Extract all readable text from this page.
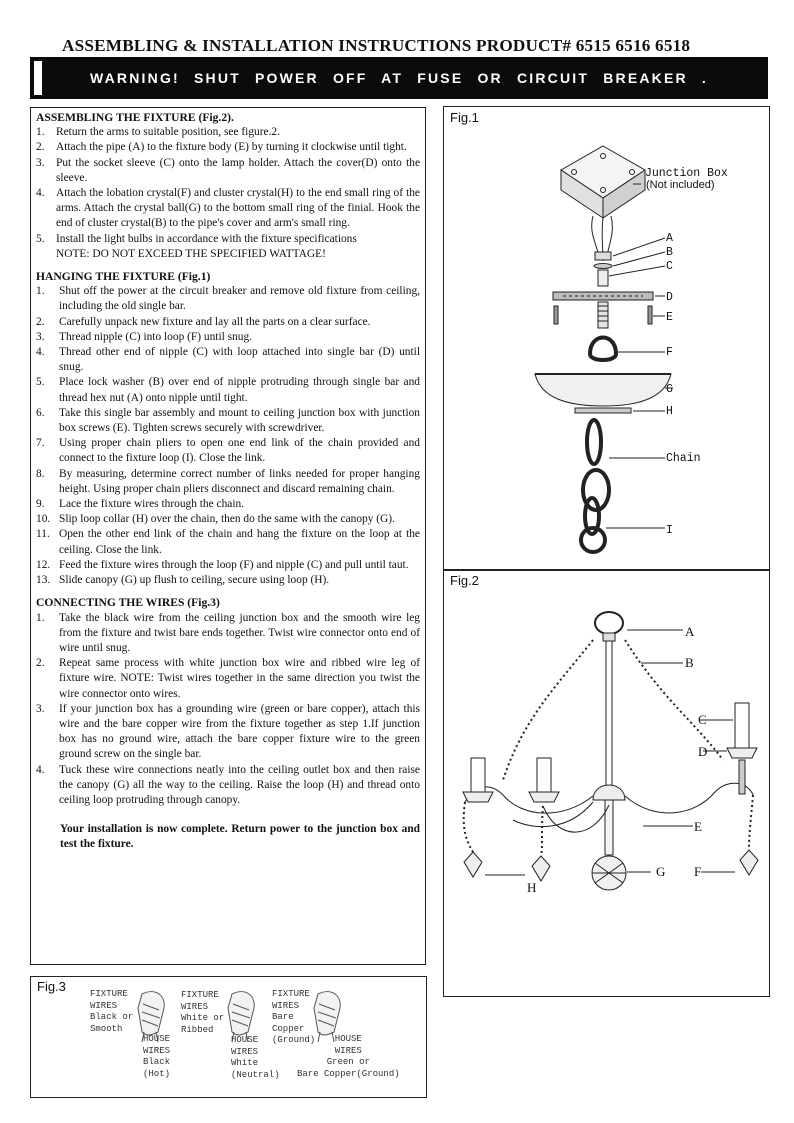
ASSEMBLING & INSTALLATION INSTRUCTIONS PRODUCT# 6515 6516 6518
WARNING! SHUT POWER OFF AT FUSE OR CIRCUIT BREAKER .
ASSEMBLING THE FIXTURE (Fig.2).
1. Return the arms to suitable position, see figure.2.
2. Attach the pipe (A) to the fixture body (E) by turning it clockwise until tight.
3. Put the socket sleeve (C) onto the lamp holder. Attach the cover(D) onto the sleeve.
4. Attach the lobation crystal(F) and cluster crystal(H) to the end small ring of the arms. Attach the crystal ball(G) to the bottom small ring of the finial. Hook the end of cluster crystal(B) to the pipe's cover and arm's small ring.
5. Install the light bulbs in accordance with the fixture specifications
NOTE: DO NOT EXCEED THE SPECIFIED WATTAGE!
HANGING THE FIXTURE (Fig.1)
1. Shut off the power at the circuit breaker and remove old fixture from ceiling, including the old single bar.
2. Carefully unpack new fixture and lay all the parts on a clear surface.
3. Thread nipple (C) into loop (F) until snug.
4. Thread other end of nipple (C) with loop attached into single bar (D) until snug.
5. Place lock washer (B) over end of nipple protruding through single bar and thread hex nut (A) onto nipple until tight.
6. Take this single bar assembly and mount to ceiling junction box with junction box screws (E). Tighten screws securely with screwdriver.
7. Using proper chain pliers to open one end link of the chain provided and connect to the fixture loop (I). Close the link.
8. By measuring, determine correct number of links needed for proper hanging height. Using proper chain pliers disconnect and discard remaining chain.
9. Lace the fixture wires through the chain.
10. Slip loop collar (H) over the chain, then do the same with the canopy (G).
11. Open the other end link of the chain and hang the fixture on the loop at the ceiling. Close the link.
12. Feed the fixture wires through the loop (F) and nipple (C) and pull until taut.
13. Slide canopy (G) up flush to ceiling, secure using loop (H).
CONNECTING THE WIRES (Fig.3)
1. Take the black wire from the ceiling junction box and the smooth wire leg from the fixture and twist bare ends together. Twist wire connector onto end of wire until snug.
2. Repeat same process with white junction box wire and ribbed wire leg of fixture wire. NOTE: Twist wires together in the same direction you twist the wire connector onto wires.
3. If your junction box has a grounding wire (green or bare copper), attach this wire and the bare copper wire from the fixture together as step 1.If junction box has no ground wire, attach the bare copper fixture wire to the green ground screw on the single bar.
4. Tuck these wire connections neatly into the ceiling outlet box and then raise the canopy (G) all the way to the ceiling. Raise the loop (H) and thread onto ceiling loop protruding through canopy.
Your installation is now complete. Return power to the junction box and test the fixture.
Fig.1
Junction Box
(Not included)
A
B
C
D
E
F
G
H
Chain
I
Fig.2
A
B
C
D
E
G F
H
Fig.3	FIXTURE
WIRES
Black or
Smooth
HOUSE
WIRES
Black
(Hot)
FIXTURE
WIRES
White or
Ribbed
HOUSE
WIRES
White
(Neutral)
FIXTURE
WIRES
Bare
Copper
(Ground)	HOUSE
WIRES
Green or
Bare Copper(Ground)
